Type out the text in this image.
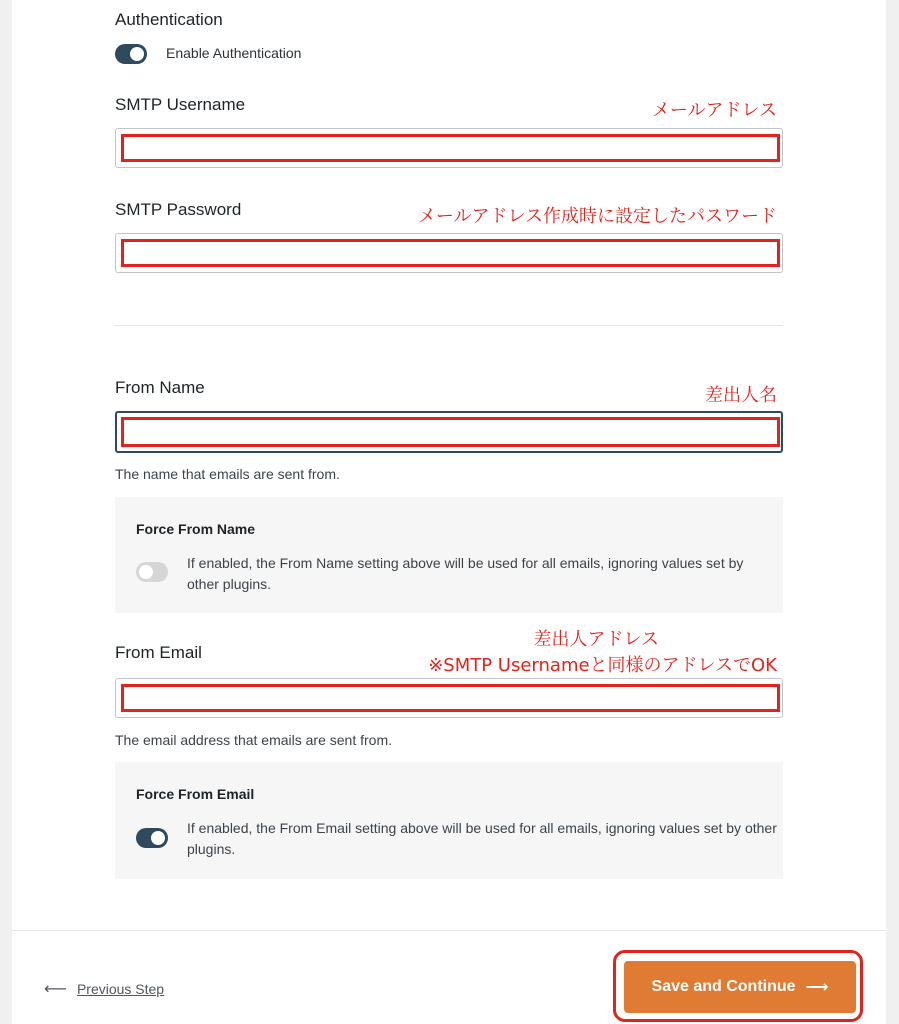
Authentication
Enable Authentication
SMTP Username	メールアドレス
SMTP Password	メールアドレス作成時に設定したパスワード
From Name	差出人名
The name that emails are sent from.
Force From Name
If enabled, the From Name setting above will be used for all emails, ignoring values set by other plugins.
差出人アドレス
※SMTP Usernameと同様のアドレスでOK
From Email
The email address that emails are sent from.
Force From Email
If enabled, the From Email setting above will be used for all emails, ignoring values set by other plugins.
⟵ Previous Step	Save and Continue ⟶
